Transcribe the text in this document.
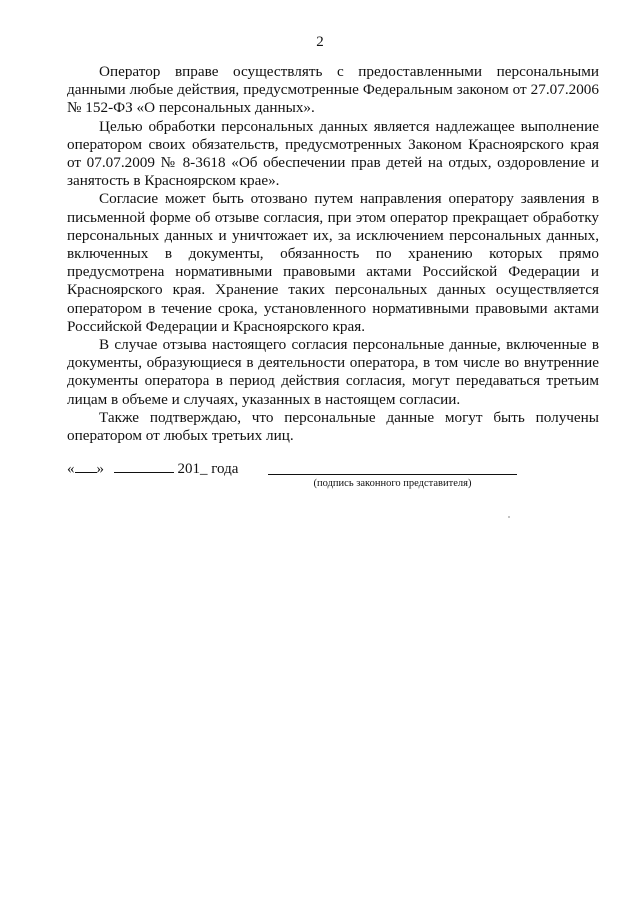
2

Оператор вправе осуществлять с предоставленными персональными данными любые действия, предусмотренные Федеральным законом от 27.07.2006 № 152-ФЗ «О персональных данных».

Целью обработки персональных данных является надлежащее выполнение оператором своих обязательств, предусмотренных Законом Красноярского края от 07.07.2009 № 8-3618 «Об обеспечении прав детей на отдых, оздоровление и занятость в Красноярском крае».

Согласие может быть отозвано путем направления оператору заявления в письменной форме об отзыве согласия, при этом оператор прекращает обработку персональных данных и уничтожает их, за исключением персональных данных, включенных в документы, обязанность по хранению которых прямо предусмотрена нормативными правовыми актами Российской Федерации и Красноярского края. Хранение таких персональных данных осуществляется оператором в течение срока, установленного нормативными правовыми актами Российской Федерации и Красноярского края.

В случае отзыва настоящего согласия персональные данные, включенные в документы, образующиеся в деятельности оператора, в том числе во внутренние документы оператора в период действия согласия, могут передаваться третьим лицам в объеме и случаях, указанных в настоящем согласии.

Также подтверждаю, что персональные данные могут быть получены оператором от любых третьих лиц.

« »	201_ года
(подпись законного представителя)
